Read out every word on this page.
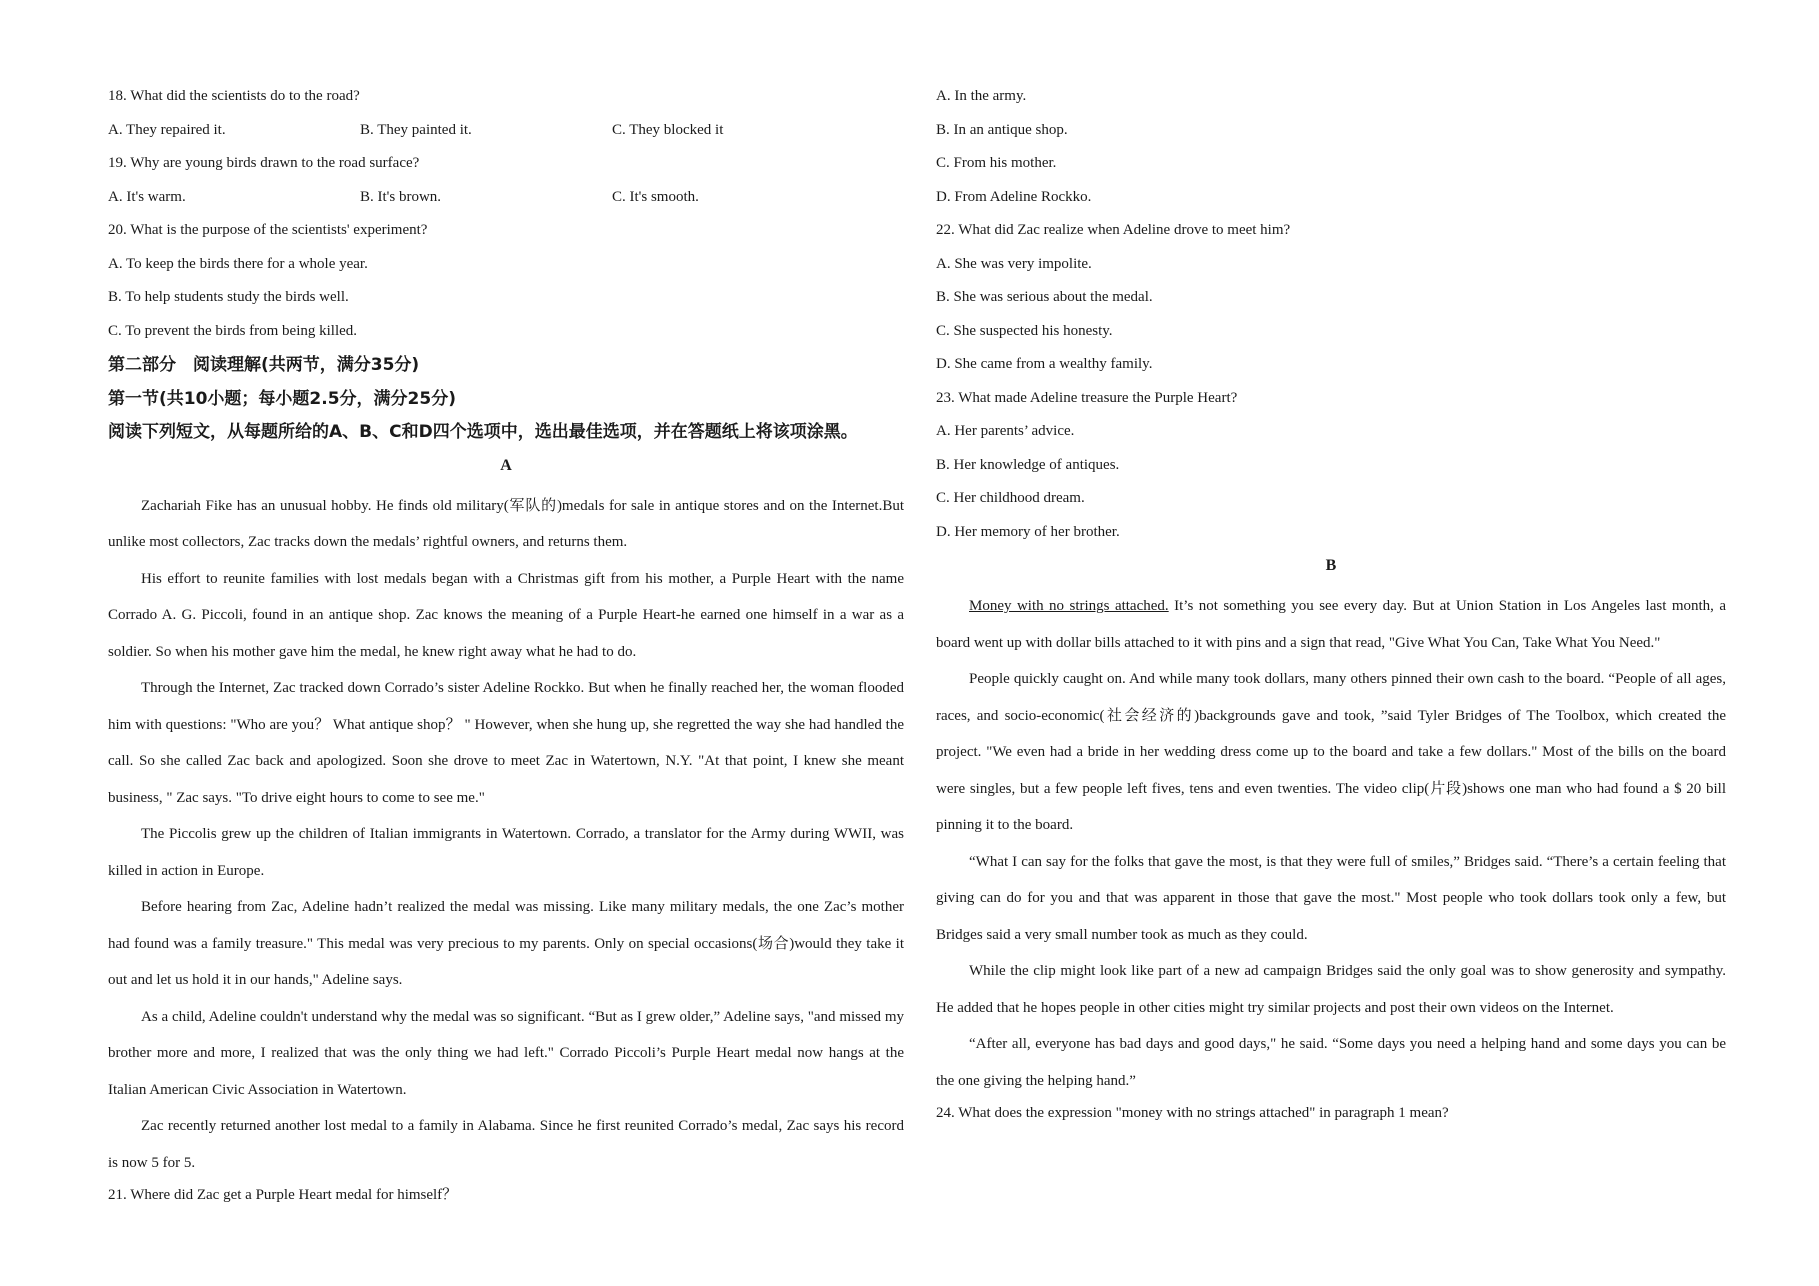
18. What did the scientists do to the road?
A. They repaired it.	B. They painted it.	C. They blocked it
19. Why are young birds drawn to the road surface?
A. It's warm.	B. It's brown.	C. It's smooth.
20. What is the purpose of the scientists' experiment?
A. To keep the birds there for a whole year.
B. To help students study the birds well.
C. To prevent the birds from being killed.
第二部分　阅读理解(共两节，满分35分)
第一节(共10小题；每小题2.5分，满分25分)
阅读下列短文，从每题所给的A、B、C和D四个选项中，选出最佳选项，并在答题纸上将该项涂黑。
A

Zachariah Fike has an unusual hobby. He finds old military(军队的)medals for sale in antique stores and on the Internet.But unlike most collectors, Zac tracks down the medals’ rightful owners, and returns them.

His effort to reunite families with lost medals began with a Christmas gift from his mother, a Purple Heart with the name Corrado A. G. Piccoli, found in an antique shop. Zac knows the meaning of a Purple Heart-he earned one himself in a war as a soldier. So when his mother gave him the medal, he knew right away what he had to do.

Through the Internet, Zac tracked down Corrado’s sister Adeline Rockko. But when he finally reached her, the woman flooded him with questions: "Who are you？ What antique shop？ " However, when she hung up, she regretted the way she had handled the call. So she called Zac back and apologized. Soon she drove to meet Zac in Watertown, N.Y. "At that point, I knew she meant business, " Zac says. "To drive eight hours to come to see me."

The Piccolis grew up the children of Italian immigrants in Watertown. Corrado, a translator for the Army during WWII, was killed in action in Europe.

Before hearing from Zac, Adeline hadn’t realized the medal was missing. Like many military medals, the one Zac’s mother had found was a family treasure." This medal was very precious to my parents. Only on special occasions(场合)would they take it out and let us hold it in our hands," Adeline says.

As a child, Adeline couldn't understand why the medal was so significant. “But as I grew older,” Adeline says, "and missed my brother more and more, I realized that was the only thing we had left." Corrado Piccoli’s Purple Heart medal now hangs at the Italian American Civic Association in Watertown.

Zac recently returned another lost medal to a family in Alabama. Since he first reunited Corrado’s medal, Zac says his record is now 5 for 5.

21. Where did Zac get a Purple Heart medal for himself？
A. In the army.
B. In an antique shop.
C. From his mother.
D. From Adeline Rockko.
22. What did Zac realize when Adeline drove to meet him?
A. She was very impolite.
B. She was serious about the medal.
C. She suspected his honesty.
D. She came from a wealthy family.
23. What made Adeline treasure the Purple Heart?
A. Her parents’ advice.
B. Her knowledge of antiques.
C. Her childhood dream.
D. Her memory of her brother.
B

Money with no strings attached. It’s not something you see every day. But at Union Station in Los Angeles last month, a board went up with dollar bills attached to it with pins and a sign that read, "Give What You Can, Take What You Need."

People quickly caught on. And while many took dollars, many others pinned their own cash to the board. “People of all ages, races, and socio-economic(社会经济的)backgrounds gave and took, ”said Tyler Bridges of The Toolbox, which created the project. "We even had a bride in her wedding dress come up to the board and take a few dollars." Most of the bills on the board were singles, but a few people left fives, tens and even twenties. The video clip(片段)shows one man who had found a $ 20 bill pinning it to the board.

“What I can say for the folks that gave the most, is that they were full of smiles,” Bridges said. “There’s a certain feeling that giving can do for you and that was apparent in those that gave the most." Most people who took dollars took only a few, but Bridges said a very small number took as much as they could.

While the clip might look like part of a new ad campaign Bridges said the only goal was to show generosity and sympathy. He added that he hopes people in other cities might try similar projects and post their own videos on the Internet.

“After all, everyone has bad days and good days," he said. “Some days you need a helping hand and some days you can be the one giving the helping hand.”

24. What does the expression "money with no strings attached" in paragraph 1 mean?
